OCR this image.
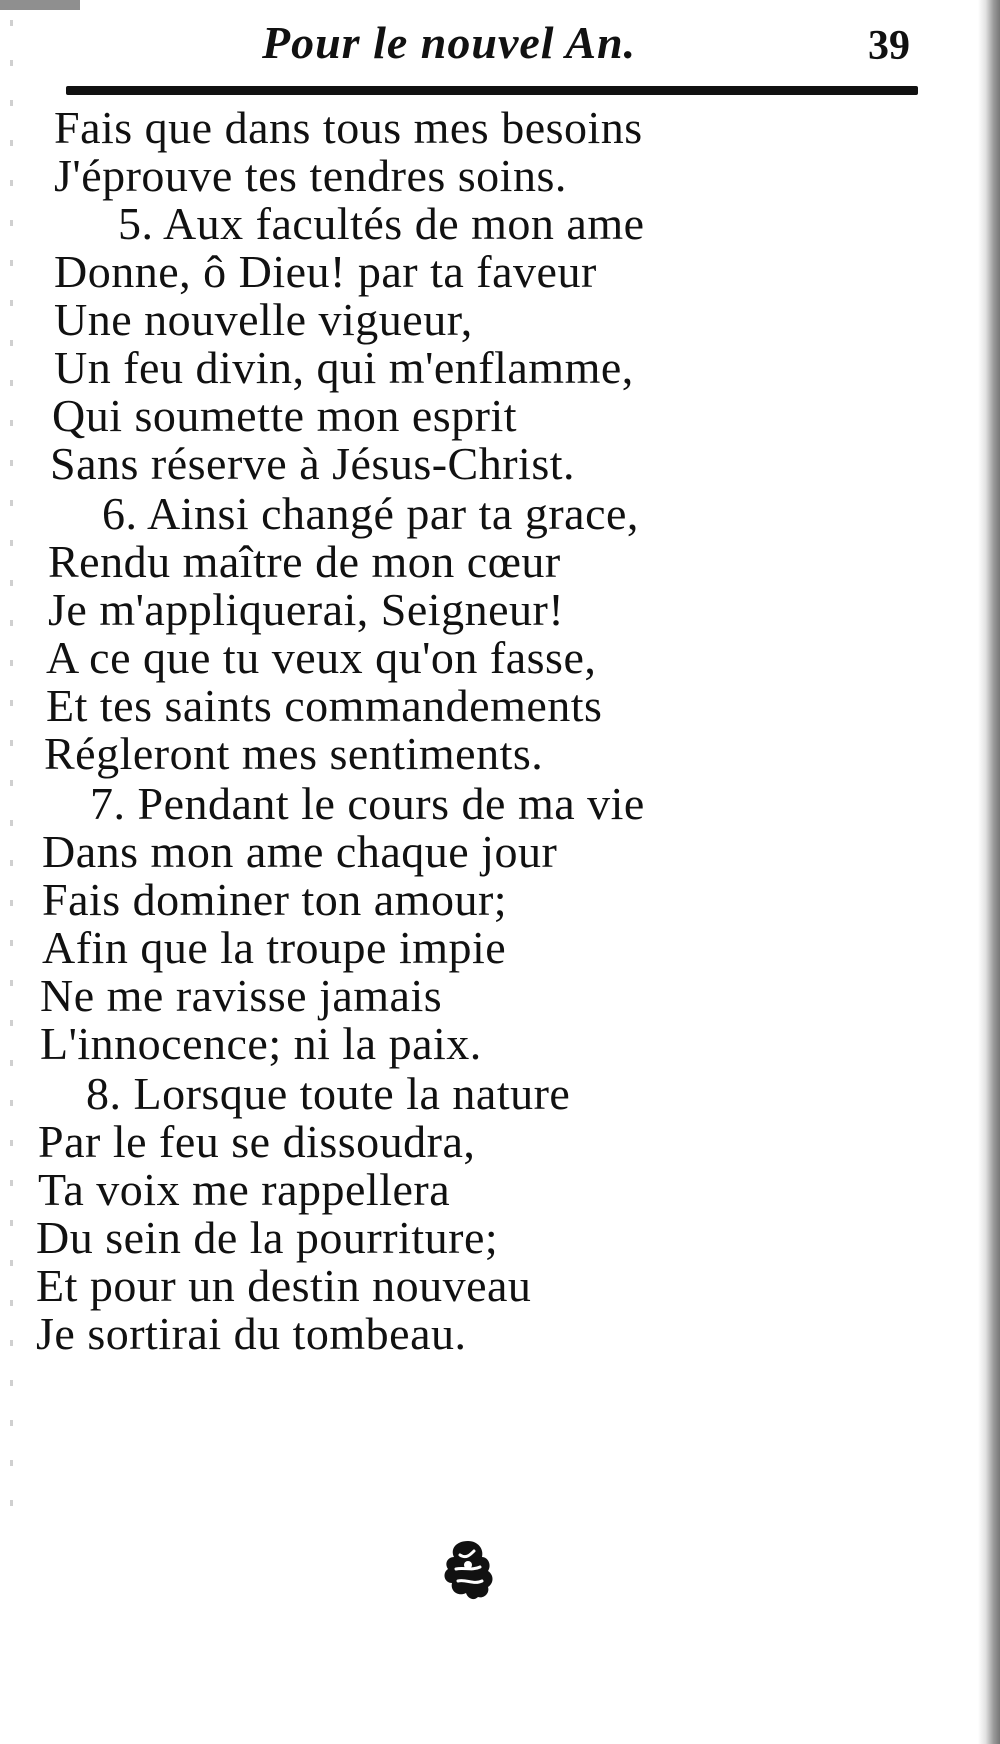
Pour le nouvel An.	39
Fais que dans tous mes besoins
J'éprouve tes tendres soins.
5. Aux facultés de mon ame
Donne, ô Dieu! par ta faveur
Une nouvelle vigueur,
Un feu divin, qui m'enflamme,
Qui soumette mon esprit
Sans réserve à Jésus-Christ.
6. Ainsi changé par ta grace,
Rendu maître de mon cœur
Je m'appliquerai, Seigneur!
A ce que tu veux qu'on fasse,
Et tes saints commandements
Régleront mes sentiments.
7. Pendant le cours de ma vie
Dans mon ame chaque jour
Fais dominer ton amour;
Afin que la troupe impie
Ne me ravisse jamais
L'innocence; ni la paix.
8. Lorsque toute la nature
Par le feu se dissoudra,
Ta voix me rappellera
Du sein de la pourriture;
Et pour un destin nouveau
Je sortirai du tombeau.
